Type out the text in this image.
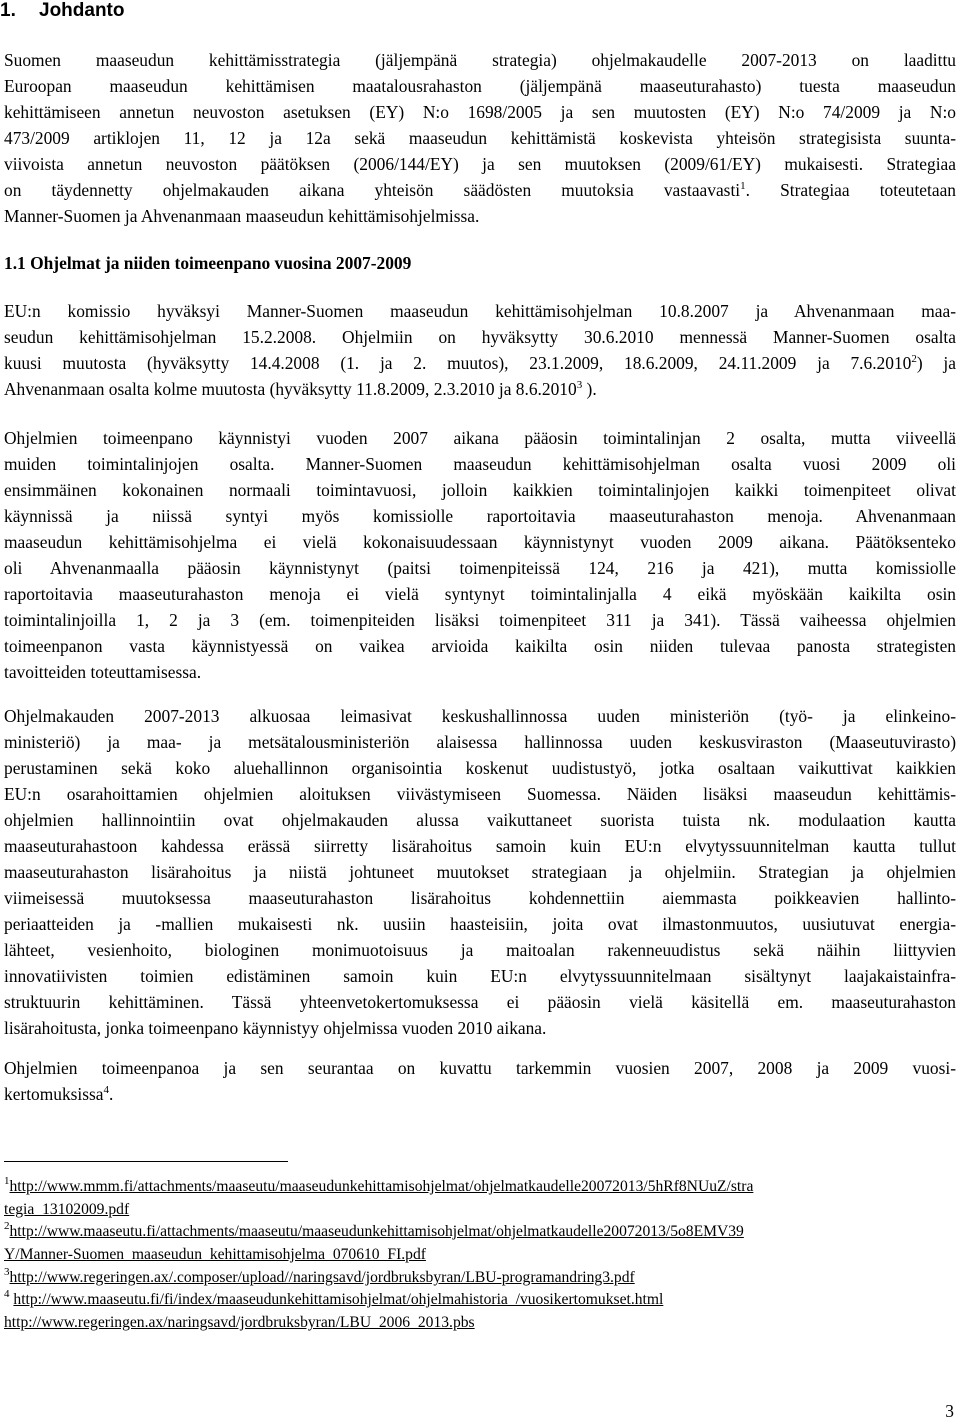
1. Johdanto
Suomen maaseudun kehittämisstrategia (jäljempänä strategia) ohjelmakaudelle 2007-2013 on laadittu
Euroopan maaseudun kehittämisen maatalousrahaston (jäljempänä maaseuturahasto) tuesta maaseudun
kehittämiseen annetun neuvoston asetuksen (EY) N:o 1698/2005 ja sen muutosten (EY) N:o 74/2009 ja N:o
473/2009 artiklojen 11, 12 ja 12a sekä maaseudun kehittämistä koskevista yhteisön strategisista suunta-
viivoista annetun neuvoston päätöksen (2006/144/EY) ja sen muutoksen (2009/61/EY) mukaisesti. Strategiaa
on täydennetty ohjelmakauden aikana yhteisön säädösten muutoksia vastaavasti$^1$. Strategiaa toteutetaan
Manner-Suomen ja Ahvenanmaan maaseudun kehittämisohjelmissa.
1.1 Ohjelmat ja niiden toimeenpano vuosina 2007-2009
EU:n komissio hyväksyi Manner-Suomen maaseudun kehittämisohjelman 10.8.2007 ja Ahvenanmaan maa-
seudun kehittämisohjelman 15.2.2008. Ohjelmiin on hyväksytty 30.6.2010 mennessä Manner-Suomen osalta
kuusi muutosta (hyväksytty 14.4.2008 (1. ja 2. muutos), 23.1.2009, 18.6.2009, 24.11.2009 ja 7.6.2010$^2$) ja
Ahvenanmaan osalta kolme muutosta (hyväksytty 11.8.2009, 2.3.2010 ja 8.6.2010$^3$ ).
Ohjelmien toimeenpano käynnistyi vuoden 2007 aikana pääosin toimintalinjan 2 osalta, mutta viiveellä
muiden toimintalinjojen osalta. Manner-Suomen maaseudun kehittämisohjelman osalta vuosi 2009 oli
ensimmäinen kokonainen normaali toimintavuosi, jolloin kaikkien toimintalinjojen kaikki toimenpiteet olivat
käynnissä ja niissä syntyi myös komissiolle raportoitavia maaseuturahaston menoja. Ahvenanmaan
maaseudun kehittämisohjelma ei vielä kokonaisuudessaan käynnistynyt vuoden 2009 aikana. Päätöksenteko
oli Ahvenanmaalla pääosin käynnistynyt (paitsi toimenpiteissä 124, 216 ja 421), mutta komissiolle
raportoitavia maaseuturahaston menoja ei vielä syntynyt toimintalinjalla 4 eikä myöskään kaikilta osin
toimintalinjoilla 1, 2 ja 3 (em. toimenpiteiden lisäksi toimenpiteet 311 ja 341). Tässä vaiheessa ohjelmien
toimeenpanon vasta käynnistyessä on vaikea arvioida kaikilta osin niiden tulevaa panosta strategisten
tavoitteiden toteuttamisessa.
Ohjelmakauden 2007-2013 alkuosaa leimasivat keskushallinnossa uuden ministeriön (työ- ja elinkeino-
ministeriö) ja maa- ja metsätalousministeriön alaisessa hallinnossa uuden keskusviraston (Maaseutuvirasto)
perustaminen sekä koko aluehallinnon organisointia koskenut uudistustyö, jotka osaltaan vaikuttivat kaikkien
EU:n osarahoittamien ohjelmien aloituksen viivästymiseen Suomessa. Näiden lisäksi maaseudun kehittämis-
ohjelmien hallinnointiin ovat ohjelmakauden alussa vaikuttaneet suorista tuista nk. modulaation kautta
maaseuturahastoon kahdessa erässä siirretty lisärahoitus samoin kuin EU:n elvytyssuunnitelman kautta tullut
maaseuturahaston lisärahoitus ja niistä johtuneet muutokset strategiaan ja ohjelmiin. Strategian ja ohjelmien
viimeisessä muutoksessa maaseuturahaston lisärahoitus kohdennettiin aiemmasta poikkeavien hallinto-
periaatteiden ja -mallien mukaisesti nk. uusiin haasteisiin, joita ovat ilmastonmuutos, uusiutuvat energia-
lähteet, vesienhoito, biologinen monimuotoisuus ja maitoalan rakenneuudistus sekä näihin liittyvien
innovatiivisten toimien edistäminen samoin kuin EU:n elvytyssuunnitelmaan sisältynyt laajakaistainfra-
struktuurin kehittäminen. Tässä yhteenvetokertomuksessa ei pääosin vielä käsitellä em. maaseuturahaston
lisärahoitusta, jonka toimeenpano käynnistyy ohjelmissa vuoden 2010 aikana.
Ohjelmien toimeenpanoa ja sen seurantaa on kuvattu tarkemmin vuosien 2007, 2008 ja 2009 vuosi-
kertomuksissa$^4$.
$^1$http://www.mmm.fi/attachments/maaseutu/maaseudunkehittamisohjelmat/ohjelmatkaudelle20072013/5hRf8NUuZ/stra
tegia_13102009.pdf
$^2$http://www.maaseutu.fi/attachments/maaseutu/maaseudunkehittamisohjelmat/ohjelmatkaudelle20072013/5o8EMV39
Y/Manner-Suomen_maaseudun_kehittamisohjelma_070610_FI.pdf
$^3$http://www.regeringen.ax/.composer/upload//naringsavd/jordbruksbyran/LBU-programandring3.pdf
$^4$ http://www.maaseutu.fi/fi/index/maaseudunkehittamisohjelmat/ohjelmahistoria_/vuosikertomukset.html
http://www.regeringen.ax/naringsavd/jordbruksbyran/LBU_2006_2013.pbs
3
